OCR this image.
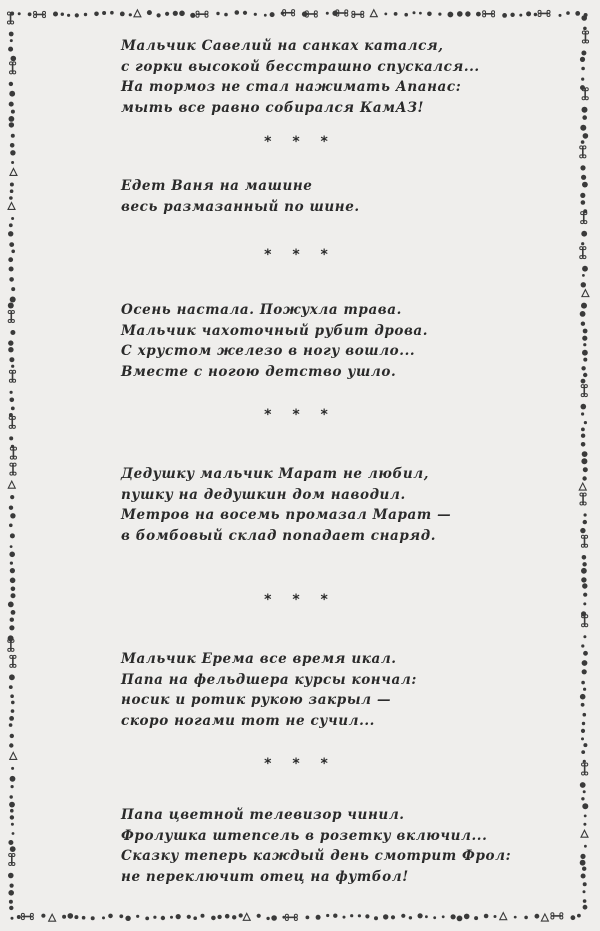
Мальчик Савелий на санках катался,
с горки высокой бесстрашно спускался...
На тормоз не стал нажимать Апанас:
мыть все равно собирался КамАЗ!
* * *
Едет Ваня на машине
весь размазанный по шине.
* * *
Осень настала. Пожухла трава.
Мальчик чахоточный рубит дрова.
С хрустом железо в ногу вошло...
Вместе с ногою детство ушло.
* * *
Дедушку мальчик Марат не любил,
пушку на дедушкин дом наводил.
Метров на восемь промазал Марат —
в бомбовый склад попадает снаряд.
* * *
Мальчик Ерема все время икал.
Папа на фельдшера курсы кончал:
носик и ротик рукою закрыл —
скоро ногами тот не сучил...
* * *
Папа цветной телевизор чинил.
Фролушка штепсель в розетку включил...
Сказку теперь каждый день смотрит Фрол:
не переключит отец на футбол!
